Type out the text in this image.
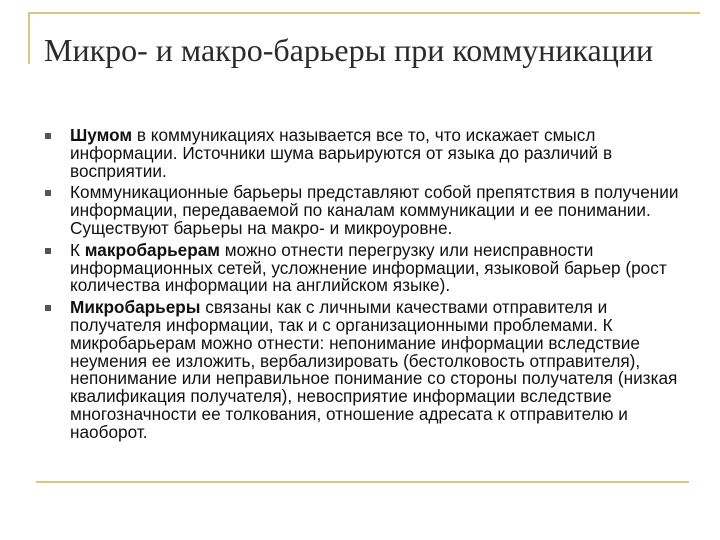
Микро- и макро-барьеры при коммуникации
Шумом в коммуникациях называется все то, что искажает смысл информации. Источники шума варьируются от языка до различий в восприятии.
Коммуникационные барьеры представляют собой препятствия в получении информации, передаваемой по каналам коммуникации и ее понимании. Существуют барьеры на макро- и микроуровне.
К макробарьерам можно отнести перегрузку или неисправности информационных сетей, усложнение информации, языковой барьер (рост количества информации на английском языке).
Микробарьеры связаны как с личными качествами отправителя и получателя информации, так и с организационными проблемами. К микробарьерам можно отнести: непонимание информации вследствие неумения ее изложить, вербализировать (бестолковость отправителя), непонимание или неправильное понимание со стороны получателя (низкая квалификация получателя), невосприятие информации вследствие многозначности ее толкования, отношение адресата к отправителю и наоборот.
